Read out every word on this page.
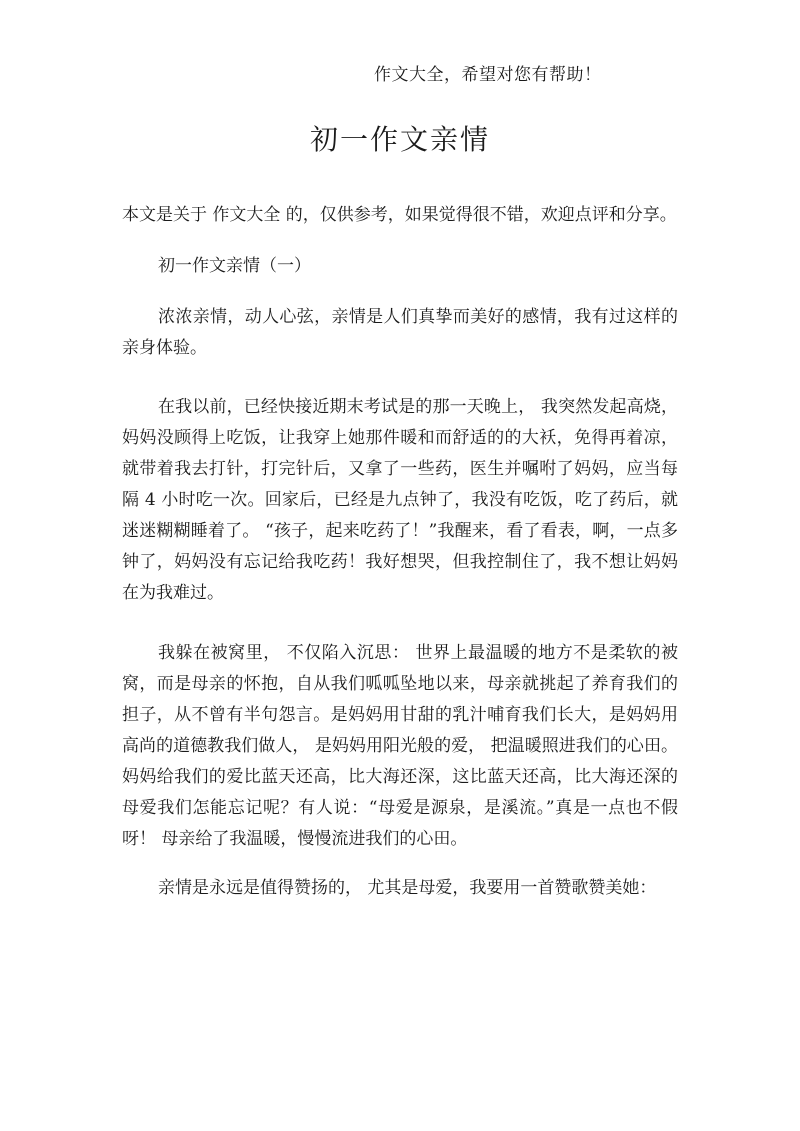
作文大全，希望对您有帮助！
初一作文亲情

本文是关于 作文大全 的，仅供参考，如果觉得很不错，欢迎点评和分享。

初一作文亲情（一）

浓浓亲情，动人心弦，亲情是人们真挚而美好的感情，我有过这样的亲身体验。

在我以前，已经快接近期末考试是的那一天晚上， 我突然发起高烧，妈妈没顾得上吃饭，让我穿上她那件暖和而舒适的的大袄，免得再着凉，就带着我去打针，打完针后，又拿了一些药，医生并嘱咐了妈妈，应当每隔 4 小时吃一次。回家后，已经是九点钟了，我没有吃饭，吃了药后，就迷迷糊糊睡着了。 “孩子，起来吃药了！”我醒来，看了看表，啊，一点多钟了，妈妈没有忘记给我吃药！我好想哭，但我控制住了，我不想让妈妈在为我难过。

我躲在被窝里， 不仅陷入沉思： 世界上最温暖的地方不是柔软的被窝，而是母亲的怀抱，自从我们呱呱坠地以来，母亲就挑起了养育我们的担子，从不曾有半句怨言。是妈妈用甘甜的乳汁哺育我们长大，是妈妈用高尚的道德教我们做人， 是妈妈用阳光般的爱， 把温暖照进我们的心田。妈妈给我们的爱比蓝天还高，比大海还深，这比蓝天还高，比大海还深的母爱我们怎能忘记呢？有人说：“母爱是源泉，是溪流。”真是一点也不假呀！ 母亲给了我温暖，慢慢流进我们的心田。

亲情是永远是值得赞扬的， 尤其是母爱，我要用一首赞歌赞美她：
